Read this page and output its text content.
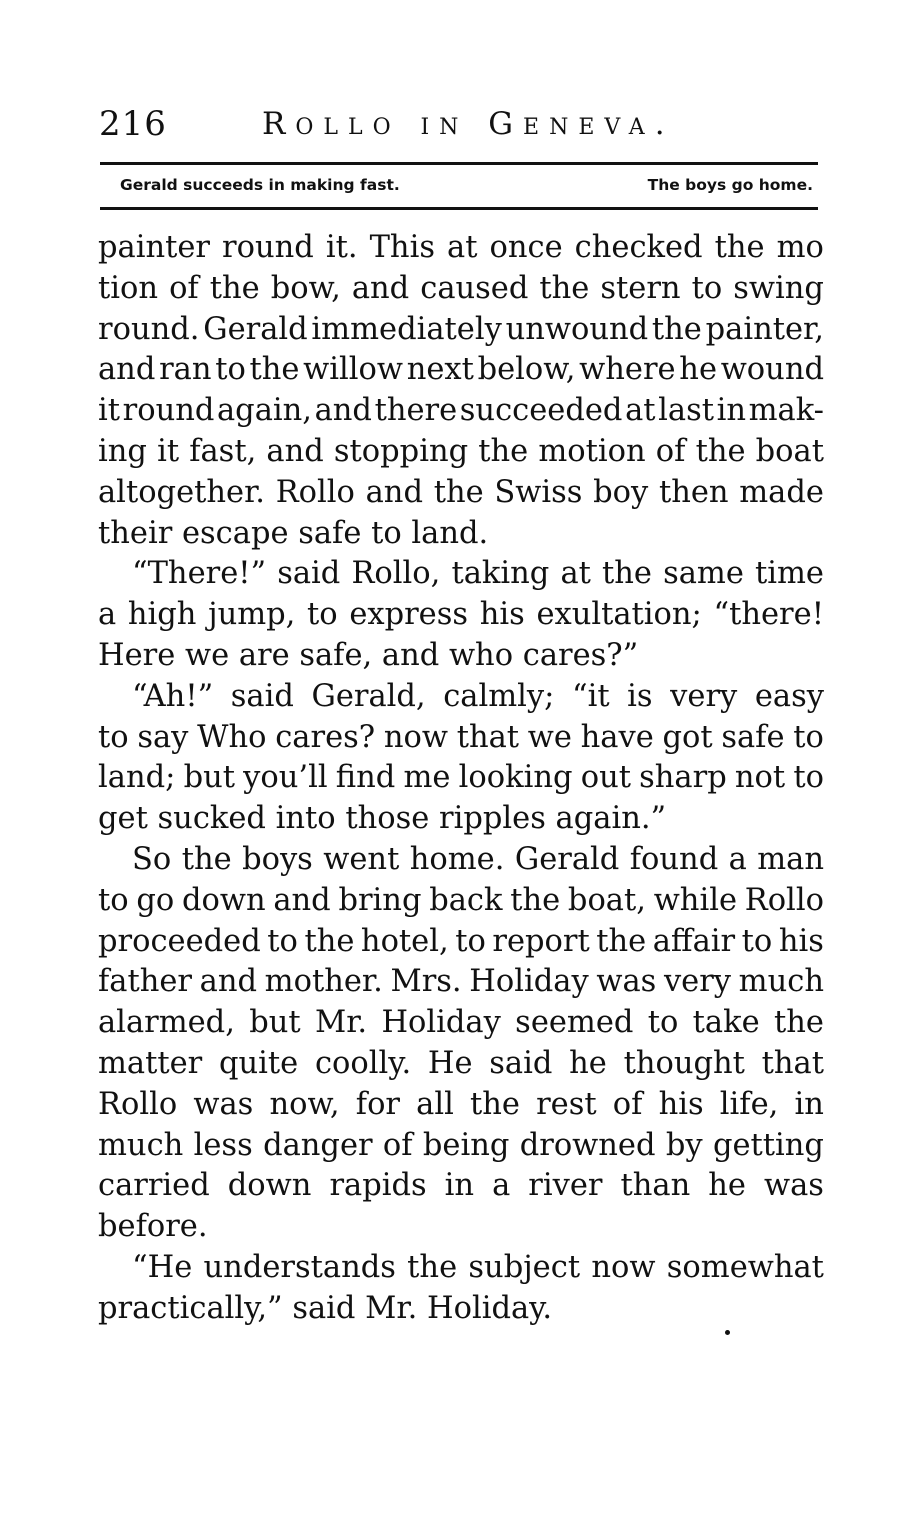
216	Rollo in Geneva.
Gerald succeeds in making fast.	The boys go home.
painter round it. This at once checked the mo
tion of the bow, and caused the stern to swing
round. Gerald immediately unwound the painter,
and ran to the willow next below, where he wound
it round again, and there succeeded at last in mak-
ing it fast, and stopping the motion of the boat
altogether. Rollo and the Swiss boy then made
their escape safe to land.
“There!” said Rollo, taking at the same time
a high jump, to express his exultation; “there!
Here we are safe, and who cares?”
“Ah!” said Gerald, calmly; “it is very easy
to say Who cares? now that we have got safe to
land; but you’ll find me looking out sharp not to
get sucked into those ripples again.”
So the boys went home. Gerald found a man
to go down and bring back the boat, while Rollo
proceeded to the hotel, to report the affair to his
father and mother. Mrs. Holiday was very much
alarmed, but Mr. Holiday seemed to take the
matter quite coolly. He said he thought that
Rollo was now, for all the rest of his life, in
much less danger of being drowned by getting
carried down rapids in a river than he was
before.
“He understands the subject now somewhat
practically,” said Mr. Holiday.
